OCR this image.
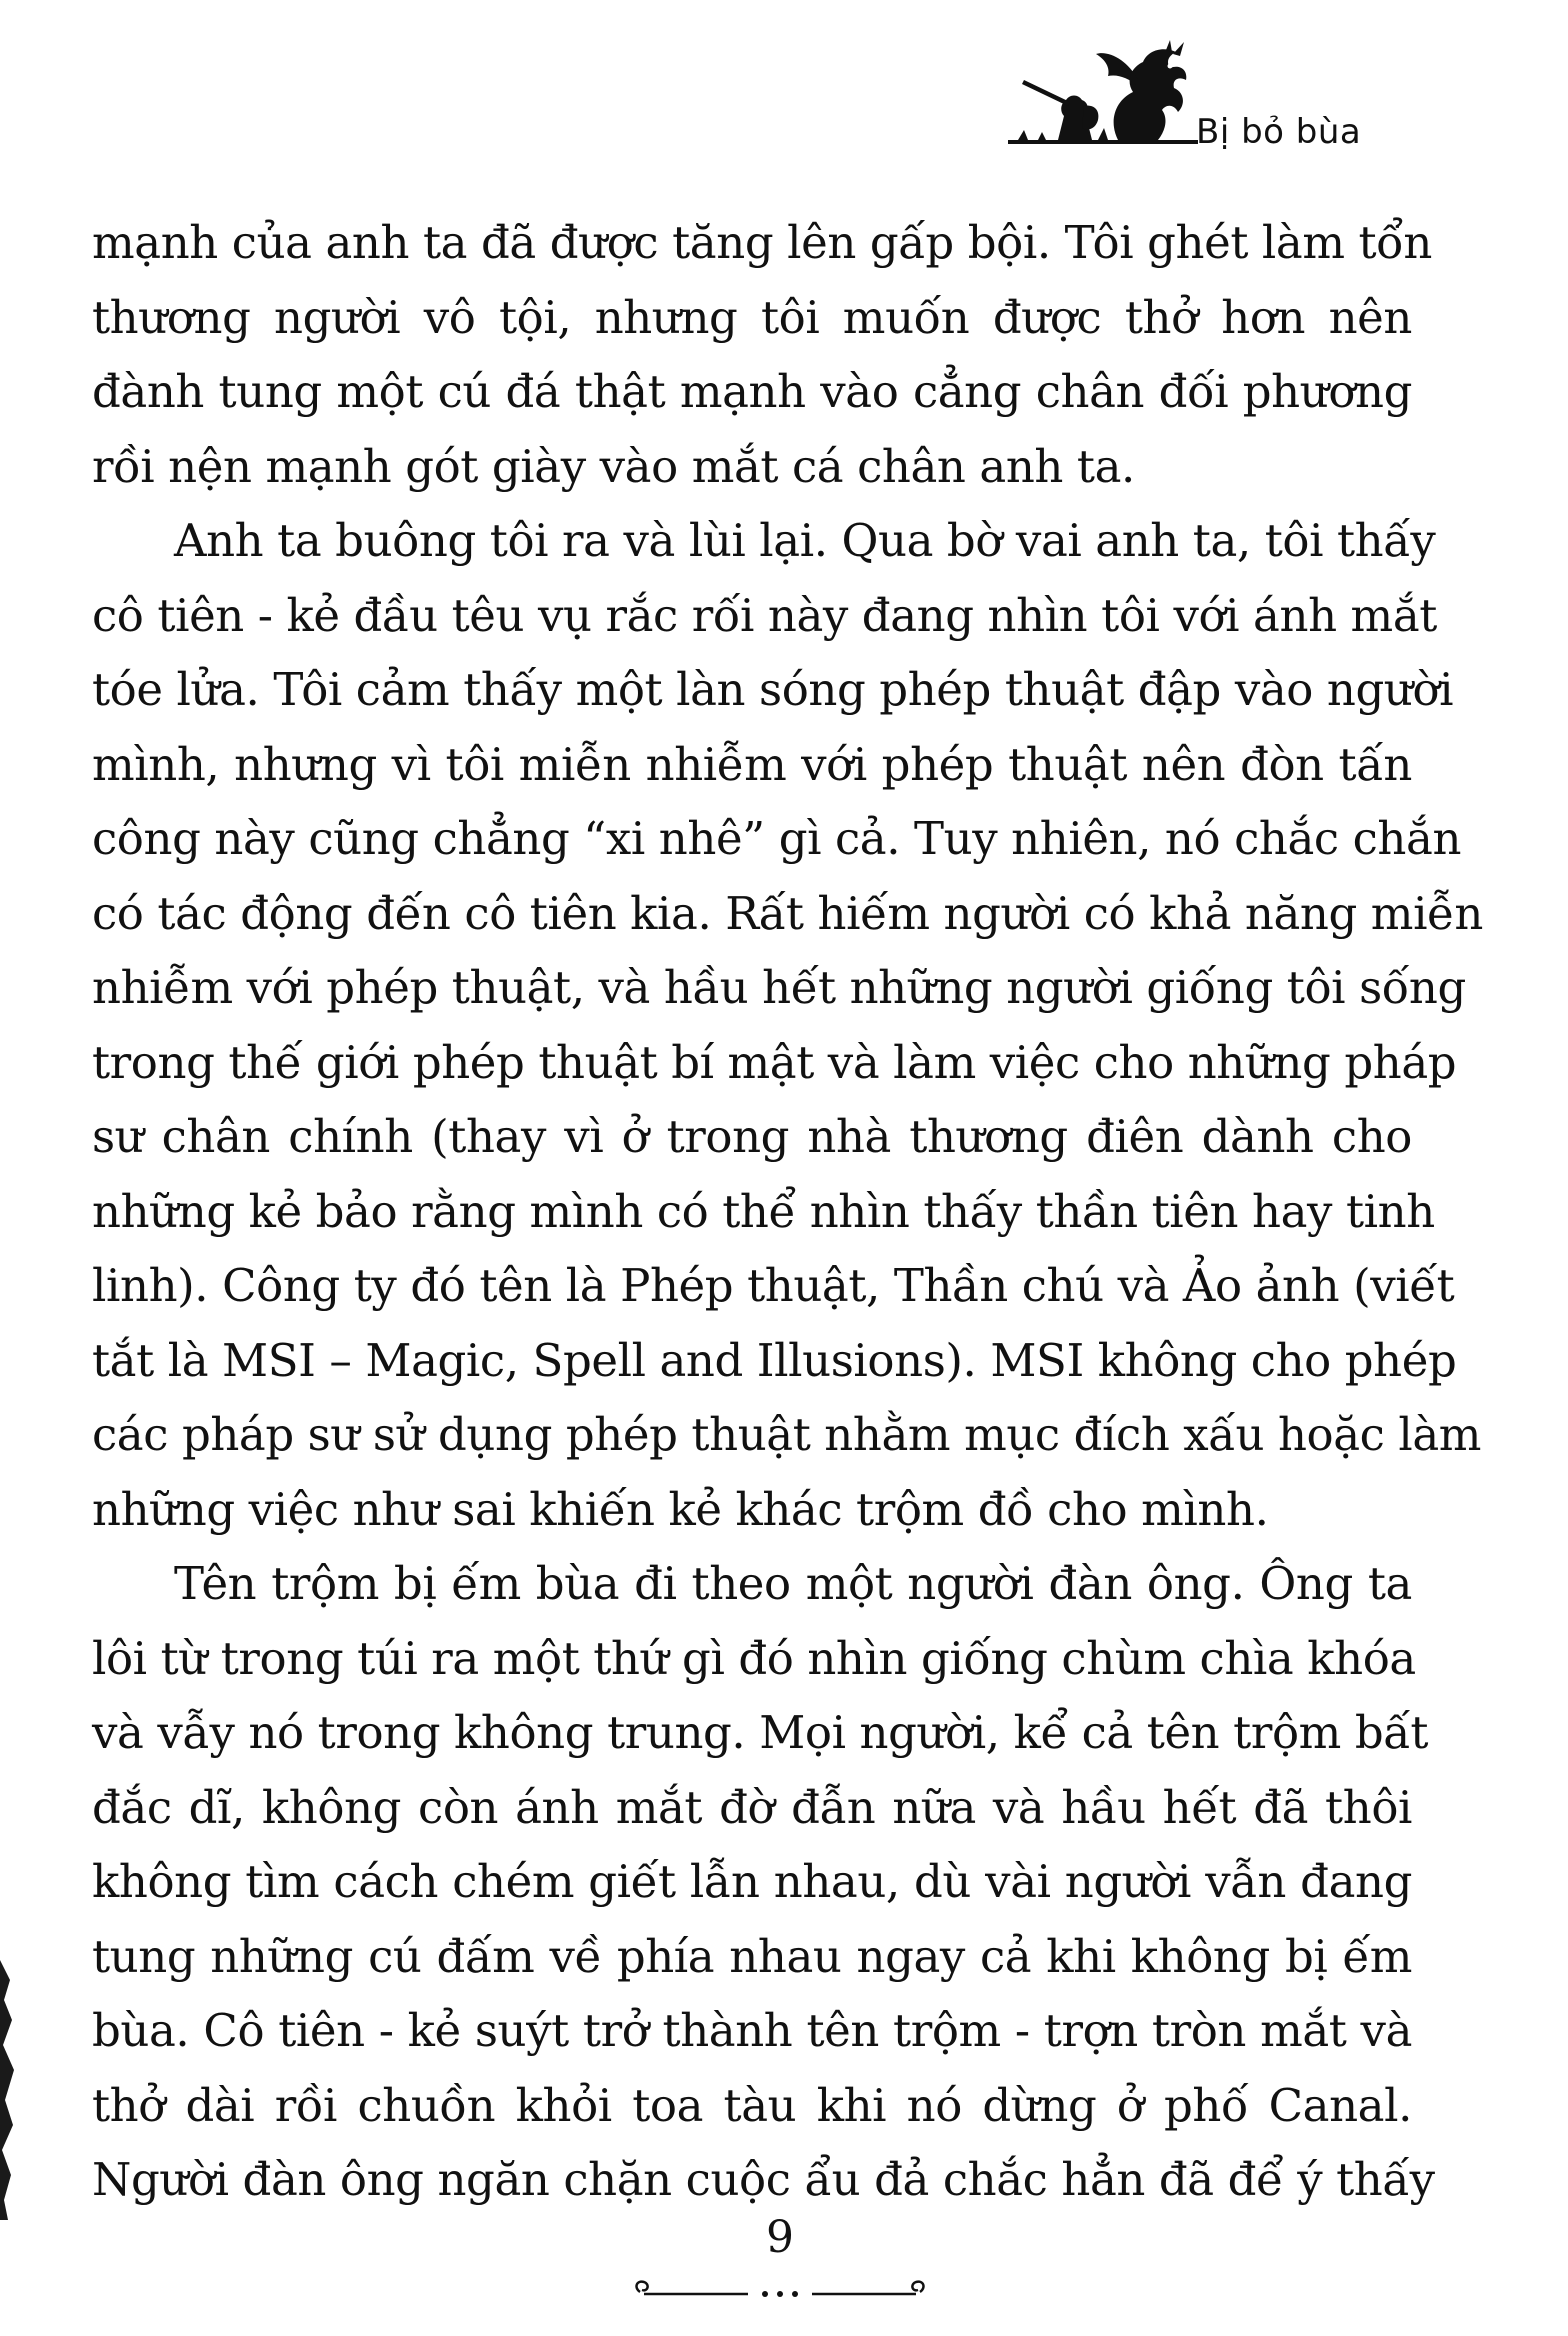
Bị bỏ bùa
mạnh của anh ta đã được tăng lên gấp bội. Tôi ghét làm tổn
thương người vô tội, nhưng tôi muốn được thở hơn nên
đành tung một cú đá thật mạnh vào cẳng chân đối phương
rồi nện mạnh gót giày vào mắt cá chân anh ta.
Anh ta buông tôi ra và lùi lại. Qua bờ vai anh ta, tôi thấy
cô tiên - kẻ đầu têu vụ rắc rối này đang nhìn tôi với ánh mắt
tóe lửa. Tôi cảm thấy một làn sóng phép thuật đập vào người
mình, nhưng vì tôi miễn nhiễm với phép thuật nên đòn tấn
công này cũng chẳng “xi nhê” gì cả. Tuy nhiên, nó chắc chắn
có tác động đến cô tiên kia. Rất hiếm người có khả năng miễn
nhiễm với phép thuật, và hầu hết những người giống tôi sống
trong thế giới phép thuật bí mật và làm việc cho những pháp
sư chân chính (thay vì ở trong nhà thương điên dành cho
những kẻ bảo rằng mình có thể nhìn thấy thần tiên hay tinh
linh). Công ty đó tên là Phép thuật, Thần chú và Ảo ảnh (viết
tắt là MSI – Magic, Spell and Illusions). MSI không cho phép
các pháp sư sử dụng phép thuật nhằm mục đích xấu hoặc làm
những việc như sai khiến kẻ khác trộm đồ cho mình.
Tên trộm bị ếm bùa đi theo một người đàn ông. Ông ta
lôi từ trong túi ra một thứ gì đó nhìn giống chùm chìa khóa
và vẫy nó trong không trung. Mọi người, kể cả tên trộm bất
đắc dĩ, không còn ánh mắt đờ đẫn nữa và hầu hết đã thôi
không tìm cách chém giết lẫn nhau, dù vài người vẫn đang
tung những cú đấm về phía nhau ngay cả khi không bị ếm
bùa. Cô tiên - kẻ suýt trở thành tên trộm - trợn tròn mắt và
thở dài rồi chuồn khỏi toa tàu khi nó dừng ở phố Canal.
Người đàn ông ngăn chặn cuộc ẩu đả chắc hẳn đã để ý thấy
9
